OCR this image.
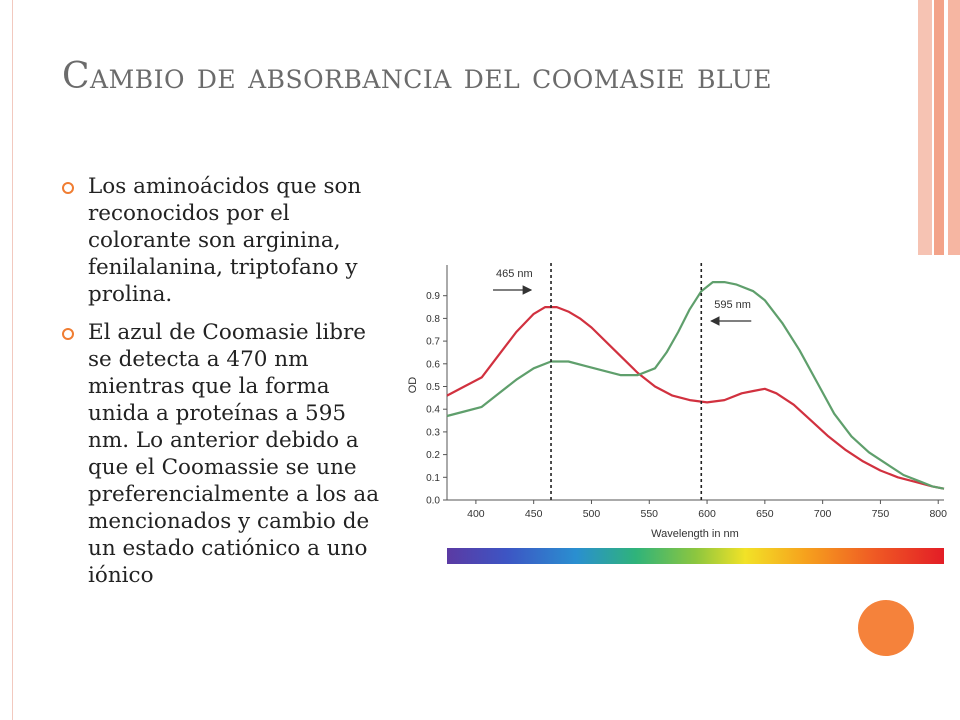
Cambio de absorbancia del coomasie blue
Los aminoácidos que son reconocidos por el colorante son arginina, fenilalanina, triptofano y prolina.
El azul de Coomasie libre se detecta a 470 nm mientras que la forma unida a proteínas a 595 nm. Lo anterior debido a que el Coomassie se une preferencialmente a los aa mencionados y cambio de un estado catiónico a uno iónico
0.0
0.1
0.2
0.3
0.4
0.5
0.6
0.7
0.8
0.9
400	450	500	550	600	650	700	750	800
465 nm
595 nm
OD
Wavelength in nm
